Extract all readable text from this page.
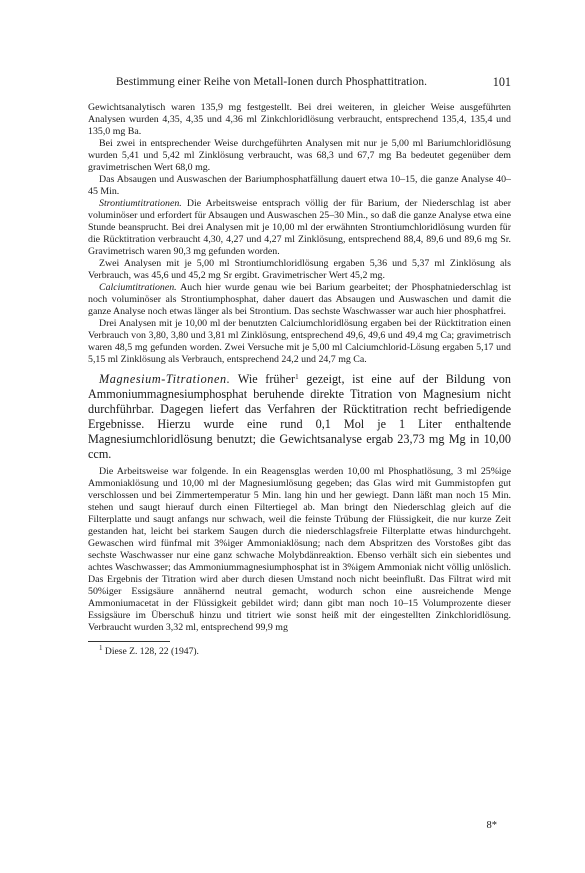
Bestimmung einer Reihe von Metall-Ionen durch Phosphattitration.	101

Gewichtsanalytisch waren 135,9 mg festgestellt. Bei drei weiteren, in gleicher Weise ausgeführten Analysen wurden 4,35, 4,35 und 4,36 ml Zinkchloridlösung verbraucht, entsprechend 135,4, 135,4 und 135,0 mg Ba.

Bei zwei in entsprechender Weise durchgeführten Analysen mit nur je 5,00 ml Bariumchloridlösung wurden 5,41 und 5,42 ml Zinklösung verbraucht, was 68,3 und 67,7 mg Ba bedeutet gegenüber dem gravimetrischen Wert 68,0 mg.

Das Absaugen und Auswaschen der Bariumphosphatfällung dauert etwa 10–15, die ganze Analyse 40–45 Min.

Strontiumtitrationen. Die Arbeitsweise entsprach völlig der für Barium, der Niederschlag ist aber voluminöser und erfordert für Absaugen und Auswaschen 25–30 Min., so daß die ganze Analyse etwa eine Stunde beansprucht. Bei drei Analysen mit je 10,00 ml der erwähnten Strontiumchloridlösung wurden für die Rücktitration verbraucht 4,30, 4,27 und 4,27 ml Zinklösung, entsprechend 88,4, 89,6 und 89,6 mg Sr. Gravimetrisch waren 90,3 mg gefunden worden.

Zwei Analysen mit je 5,00 ml Strontiumchloridlösung ergaben 5,36 und 5,37 ml Zinklösung als Verbrauch, was 45,6 und 45,2 mg Sr ergibt. Gravimetrischer Wert 45,2 mg.

Calciumtitrationen. Auch hier wurde genau wie bei Barium gearbeitet; der Phosphatniederschlag ist noch voluminöser als Strontiumphosphat, daher dauert das Absaugen und Auswaschen und damit die ganze Analyse noch etwas länger als bei Strontium. Das sechste Waschwasser war auch hier phosphatfrei.

Drei Analysen mit je 10,00 ml der benutzten Calciumchloridlösung ergaben bei der Rücktitration einen Verbrauch von 3,80, 3,80 und 3,81 ml Zinklösung, entsprechend 49,6, 49,6 und 49,4 mg Ca; gravimetrisch waren 48,5 mg gefunden worden. Zwei Versuche mit je 5,00 ml Calciumchlorid-Lösung ergaben 5,17 und 5,15 ml Zinklösung als Verbrauch, entsprechend 24,2 und 24,7 mg Ca.

Magnesium-Titrationen. Wie früher$^1$ gezeigt, ist eine auf der Bildung von Ammoniummagnesiumphosphat beruhende direkte Titration von Magnesium nicht durchführbar. Dagegen liefert das Verfahren der Rücktitration recht befriedigende Ergebnisse. Hierzu wurde eine rund 0,1 Mol je 1 Liter enthaltende Magnesiumchloridlösung benutzt; die Gewichtsanalyse ergab 23,73 mg Mg in 10,00 ccm.

Die Arbeitsweise war folgende. In ein Reagensglas werden 10,00 ml Phosphatlösung, 3 ml 25%ige Ammoniaklösung und 10,00 ml der Magnesiumlösung gegeben; das Glas wird mit Gummistopfen gut verschlossen und bei Zimmertemperatur 5 Min. lang hin und her gewiegt. Dann läßt man noch 15 Min. stehen und saugt hierauf durch einen Filtertiegel ab. Man bringt den Niederschlag gleich auf die Filterplatte und saugt anfangs nur schwach, weil die feinste Trübung der Flüssigkeit, die nur kurze Zeit gestanden hat, leicht bei starkem Saugen durch die niederschlagsfreie Filterplatte etwas hindurchgeht. Gewaschen wird fünfmal mit 3%iger Ammoniaklösung; nach dem Abspritzen des Vorstoßes gibt das sechste Waschwasser nur eine ganz schwache Molybdänreaktion. Ebenso verhält sich ein siebentes und achtes Waschwasser; das Ammoniummagnesiumphosphat ist in 3%igem Ammoniak nicht völlig unlöslich. Das Ergebnis der Titration wird aber durch diesen Umstand noch nicht beeinflußt. Das Filtrat wird mit 50%iger Essigsäure annähernd neutral gemacht, wodurch schon eine ausreichende Menge Ammoniumacetat in der Flüssigkeit gebildet wird; dann gibt man noch 10–15 Volumprozente dieser Essigsäure im Überschuß hinzu und titriert wie sonst heiß mit der eingestellten Zinkchloridlösung. Verbraucht wurden 3,32 ml, entsprechend 99,9 mg

$^1$ Diese Z. 128, 22 (1947).
8*
